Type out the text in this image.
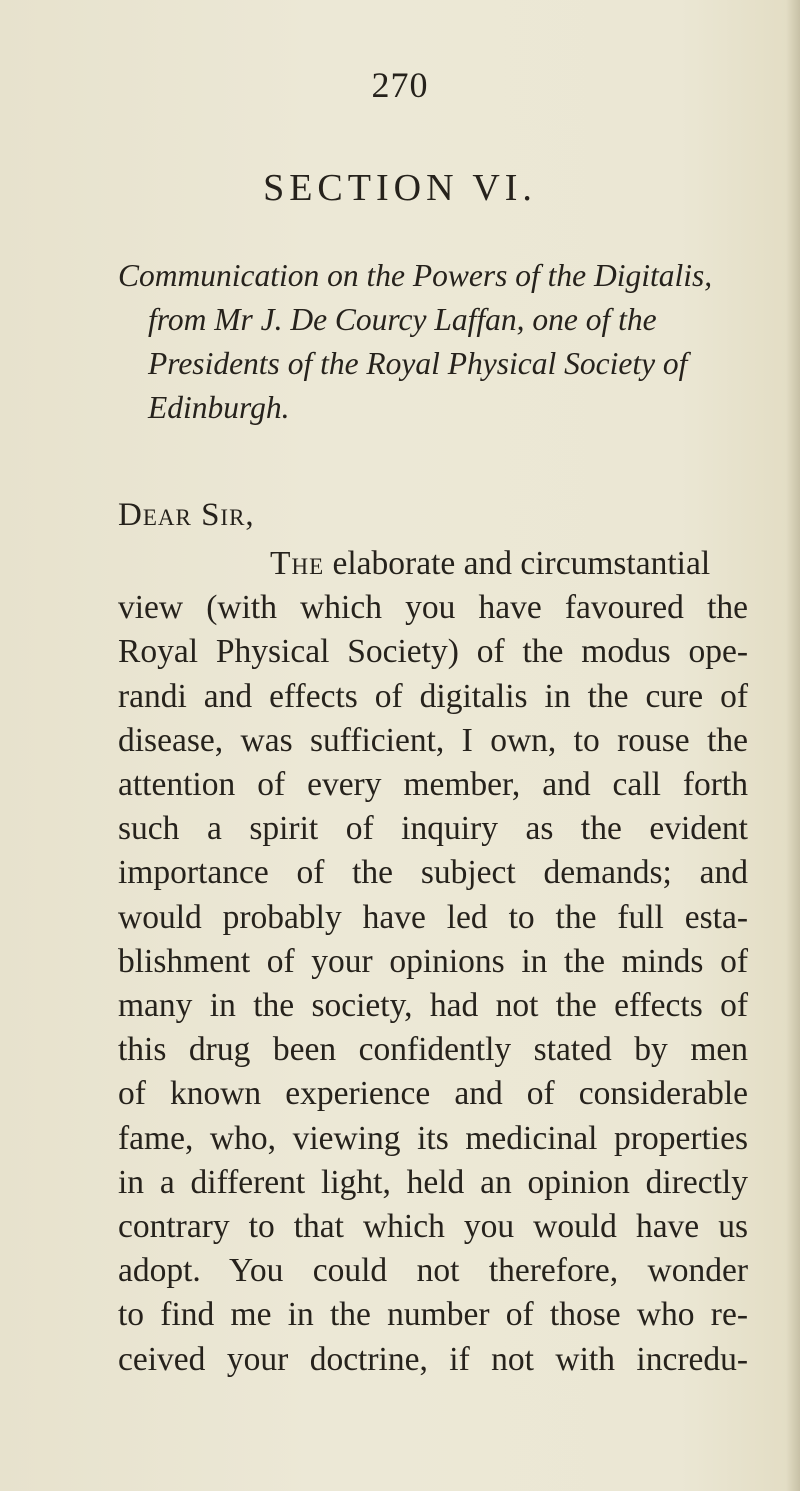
270
SECTION VI.
Communication on the Powers of the Digitalis,
from Mr J. De Courcy Laffan, one of the
Presidents of the Royal Physical Society of
Edinburgh.
Dear Sir,
The elaborate and circumstantial
view (with which you have favoured the
Royal Physical Society) of the modus ope-
randi and effects of digitalis in the cure of
disease, was sufficient, I own, to rouse the
attention of every member, and call forth
such a spirit of inquiry as the evident
importance of the subject demands; and
would probably have led to the full esta-
blishment of your opinions in the minds of
many in the society, had not the effects of
this drug been confidently stated by men
of known experience and of considerable
fame, who, viewing its medicinal properties
in a different light, held an opinion directly
contrary to that which you would have us
adopt. You could not therefore, wonder
to find me in the number of those who re-
ceived your doctrine, if not with incredu-
